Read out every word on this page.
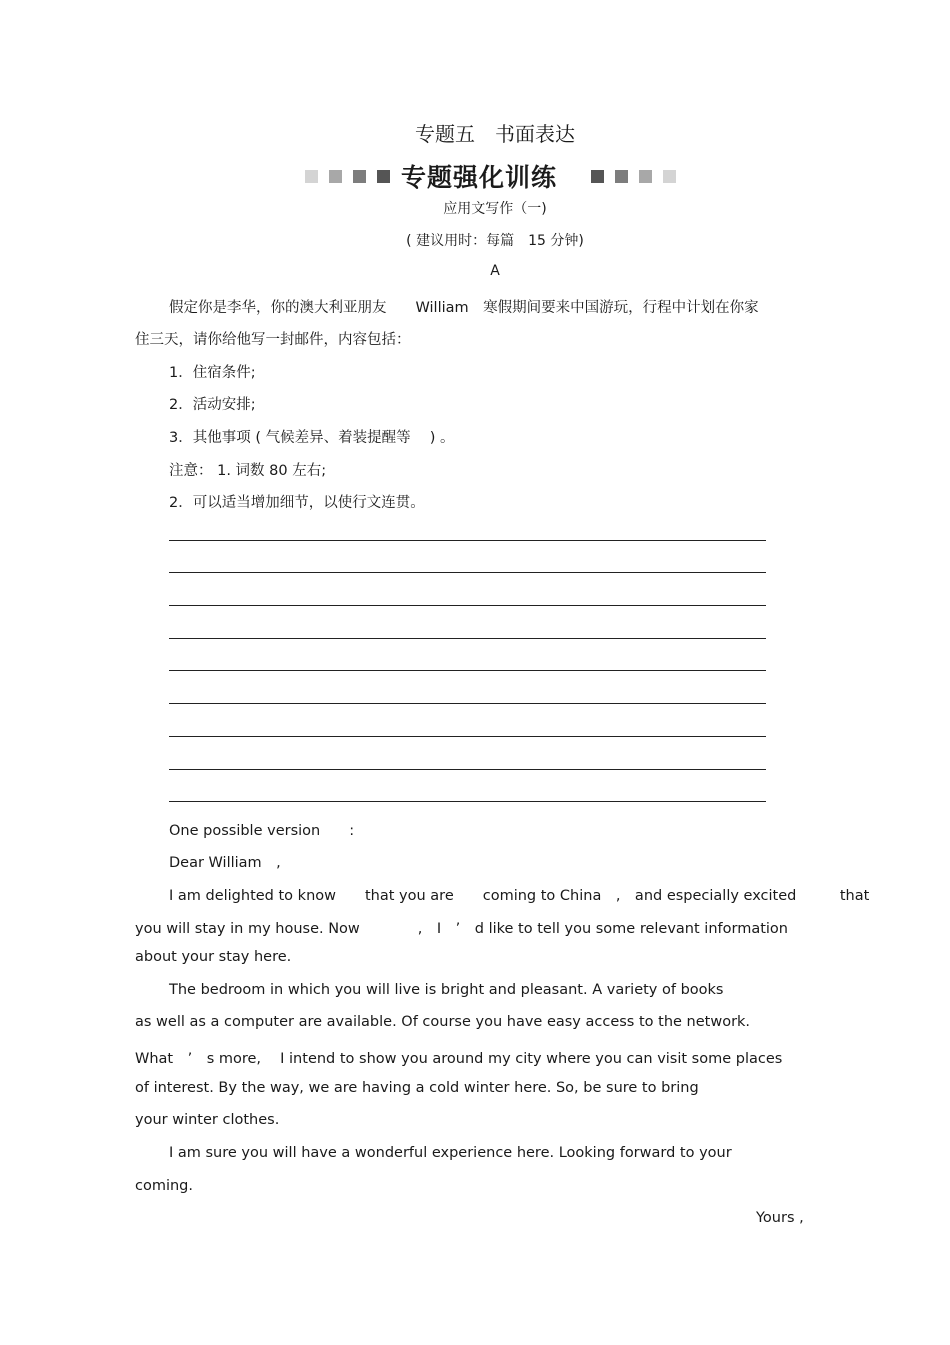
专题五　书面表达
专题强化训练
应用文写作（一)
( 建议用时：每篇　15 分钟)
A
假定你是李华，你的澳大利亚朋友　　William　寒假期间要来中国游玩，行程中计划在你家
住三天，请你给他写一封邮件，内容包括：
1．住宿条件;
2．活动安排;
3．其他事项 ( 气候差异、着装提醒等　 ) 。
注意： 1. 词数 80 左右;
2．可以适当增加细节，以使行文连贯。
One possible version　　:
Dear William　,
I am delighted to know　　that you are　　coming to China　,　and especially excited　　　that
you will stay in my house. Now　　　　,　I　’　d like to tell you some relevant information
about your stay here.
The bedroom in which you will live is bright and pleasant. A variety of books
as well as a computer are available. Of course you have easy access to the network.
What　’　s more,　 I intend to show you around my city where you can visit some places
of interest. By the way, we are having a cold winter here. So, be sure to bring
your winter clothes.
I am sure you will have a wonderful experience here. Looking forward to your
coming.
Yours ,
